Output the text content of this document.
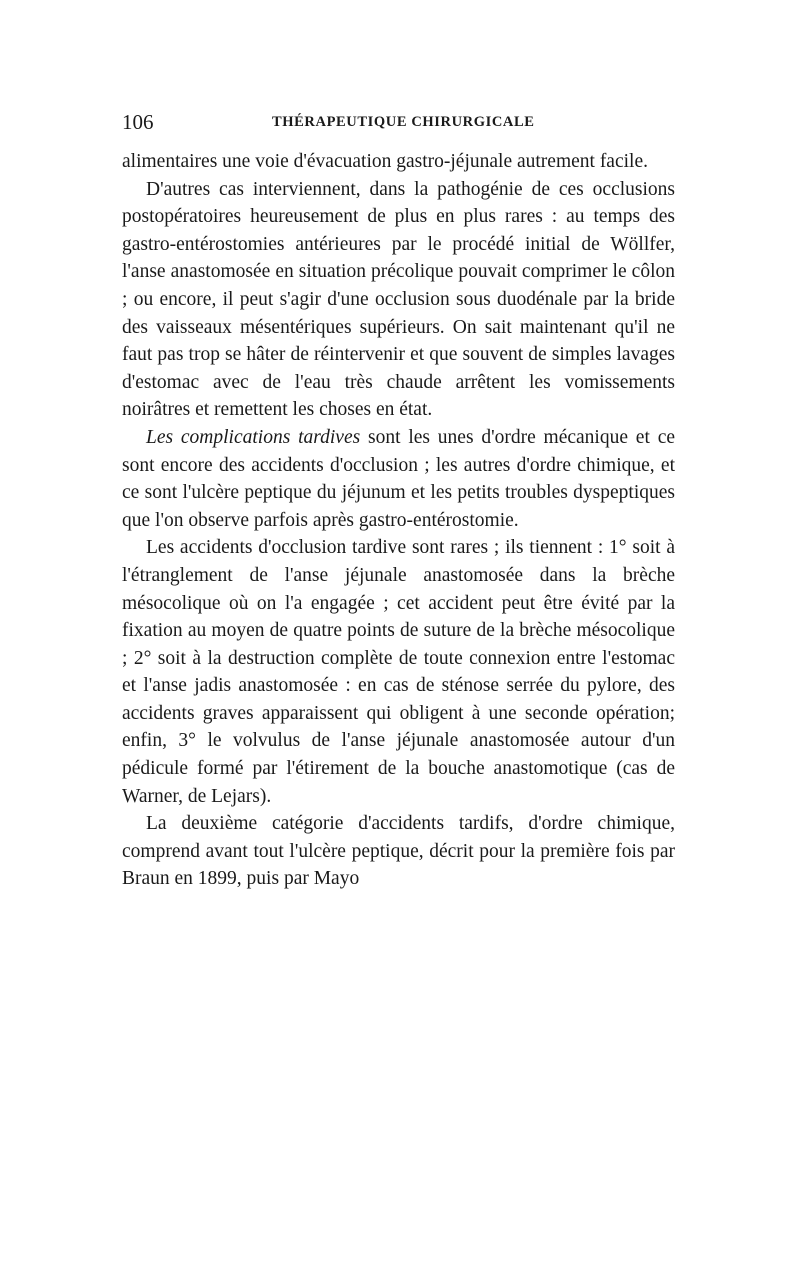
106	THÉRAPEUTIQUE CHIRURGICALE

alimentaires une voie d'évacuation gastro-jéjunale autrement facile.

D'autres cas interviennent, dans la pathogénie de ces occlusions postopératoires heureusement de plus en plus rares : au temps des gastro-entérostomies antérieures par le procédé initial de Wöllfer, l'anse anastomosée en situation précolique pouvait comprimer le côlon ; ou encore, il peut s'agir d'une occlusion sous duodénale par la bride des vaisseaux mésentériques supérieurs. On sait maintenant qu'il ne faut pas trop se hâter de réintervenir et que souvent de simples lavages d'estomac avec de l'eau très chaude arrêtent les vomissements noirâtres et remettent les choses en état.

Les complications tardives sont les unes d'ordre mécanique et ce sont encore des accidents d'occlusion ; les autres d'ordre chimique, et ce sont l'ulcère peptique du jéjunum et les petits troubles dyspeptiques que l'on observe parfois après gastro-entérostomie.

Les accidents d'occlusion tardive sont rares ; ils tiennent : 1° soit à l'étranglement de l'anse jéjunale anastomosée dans la brèche mésocolique où on l'a engagée ; cet accident peut être évité par la fixation au moyen de quatre points de suture de la brèche mésocolique ; 2° soit à la destruction complète de toute connexion entre l'estomac et l'anse jadis anastomosée : en cas de sténose serrée du pylore, des accidents graves apparaissent qui obligent à une seconde opération; enfin, 3° le volvulus de l'anse jéjunale anastomosée autour d'un pédicule formé par l'étirement de la bouche anastomotique (cas de Warner, de Lejars).

La deuxième catégorie d'accidents tardifs, d'ordre chimique, comprend avant tout l'ulcère peptique, décrit pour la première fois par Braun en 1899, puis par Mayo
